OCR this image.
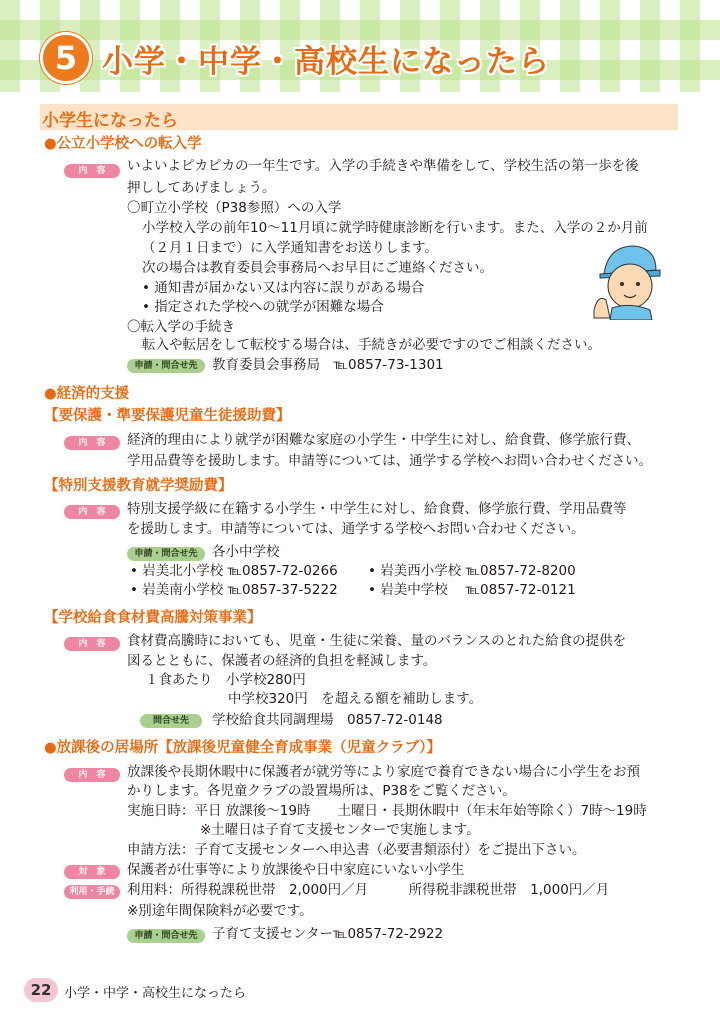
5 小学・中学・高校生になったら
小学生になったら
●公立小学校への転入学
内　容	いよいよピカピカの一年生です。入学の手続きや準備をして、学校生活の第一歩を後
押ししてあげましょう。
〇町立小学校（P38参照）への入学
小学校入学の前年10～11月頃に就学時健康診断を行います。また、入学の２か月前
（２月１日まで）に入学通知書をお送りします。
次の場合は教育委員会事務局へお早目にご連絡ください。
• 通知書が届かない又は内容に誤りがある場合
• 指定された学校への就学が困難な場合
〇転入学の手続き
転入や転居をして転校する場合は、手続きが必要ですのでご相談ください。
申請・問合せ先	教育委員会事務局　℡0857-73-1301
●経済的支援
【要保護・準要保護児童生徒援助費】
内　容	経済的理由により就学が困難な家庭の小学生・中学生に対し、給食費、修学旅行費、
学用品費等を援助します。申請等については、通学する学校へお問い合わせください。
【特別支援教育就学奨励費】
内　容	特別支援学級に在籍する小学生・中学生に対し、給食費、修学旅行費、学用品費等
を援助します。申請等については、通学する学校へお問い合わせください。
申請・問合せ先	各小中学校
• 岩美北小学校 ℡0857-72-0266 • 岩美西小学校 ℡0857-72-8200
• 岩美南小学校 ℡0857-37-5222 • 岩美中学校　 ℡0857-72-0121
【学校給食食材費高騰対策事業】
内　容	食材費高騰時においても、児童・生徒に栄養、量のバランスのとれた給食の提供を
図るとともに、保護者の経済的負担を軽減します。
１食あたり　小学校280円
中学校320円　を超える額を補助します。
問合せ先	学校給食共同調理場　0857-72-0148
●放課後の居場所【放課後児童健全育成事業（児童クラブ）】
内　容	放課後や長期休暇中に保護者が就労等により家庭で養育できない場合に小学生をお預
かりします。各児童クラブの設置場所は、P38をご覧ください。
実施日時：平日 放課後～19時　　土曜日・長期休暇中（年末年始等除く）7時～19時
※土曜日は子育て支援センターで実施します。
申請方法：子育て支援センターへ申込書（必要書類添付）をご提出下さい。
対　象	保護者が仕事等により放課後や日中家庭にいない小学生
利用・手続 利用料：所得税課税世帯　2,000円／月　　　所得税非課税世帯　1,000円／月
※別途年間保険料が必要です。
申請・問合せ先	子育て支援センター℡0857-72-2922
22 小学・中学・高校生になったら
